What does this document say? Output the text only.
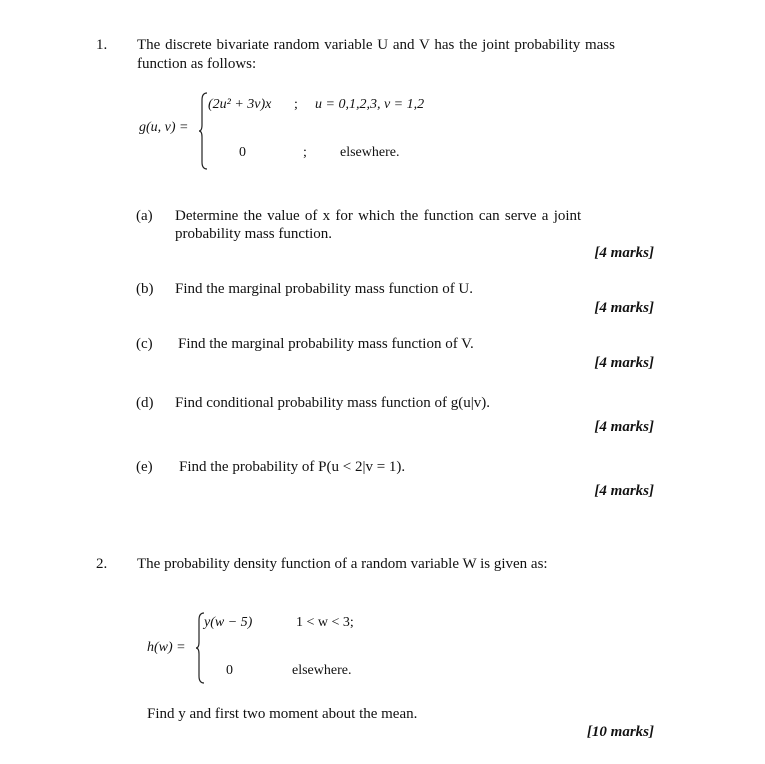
1. The discrete bivariate random variable U and V has the joint probability mass
function as follows:
g(u, v) =
(2u² + 3v)x ; u = 0,1,2,3, v = 1,2
0	; elsewhere.
(a) Determine the value of x for which the function can serve a joint
probability mass function.
[4 marks]
(b) Find the marginal probability mass function of U.
[4 marks]
(c) Find the marginal probability mass function of V.
[4 marks]
(d) Find conditional probability mass function of g(u|v).
[4 marks]
(e) Find the probability of P(u < 2|v = 1).
[4 marks]
2. The probability density function of a random variable W is given as:
h(w) =
y(w − 5)	1 < w < 3;
0	elsewhere.
Find y and first two moment about the mean.
[10 marks]
